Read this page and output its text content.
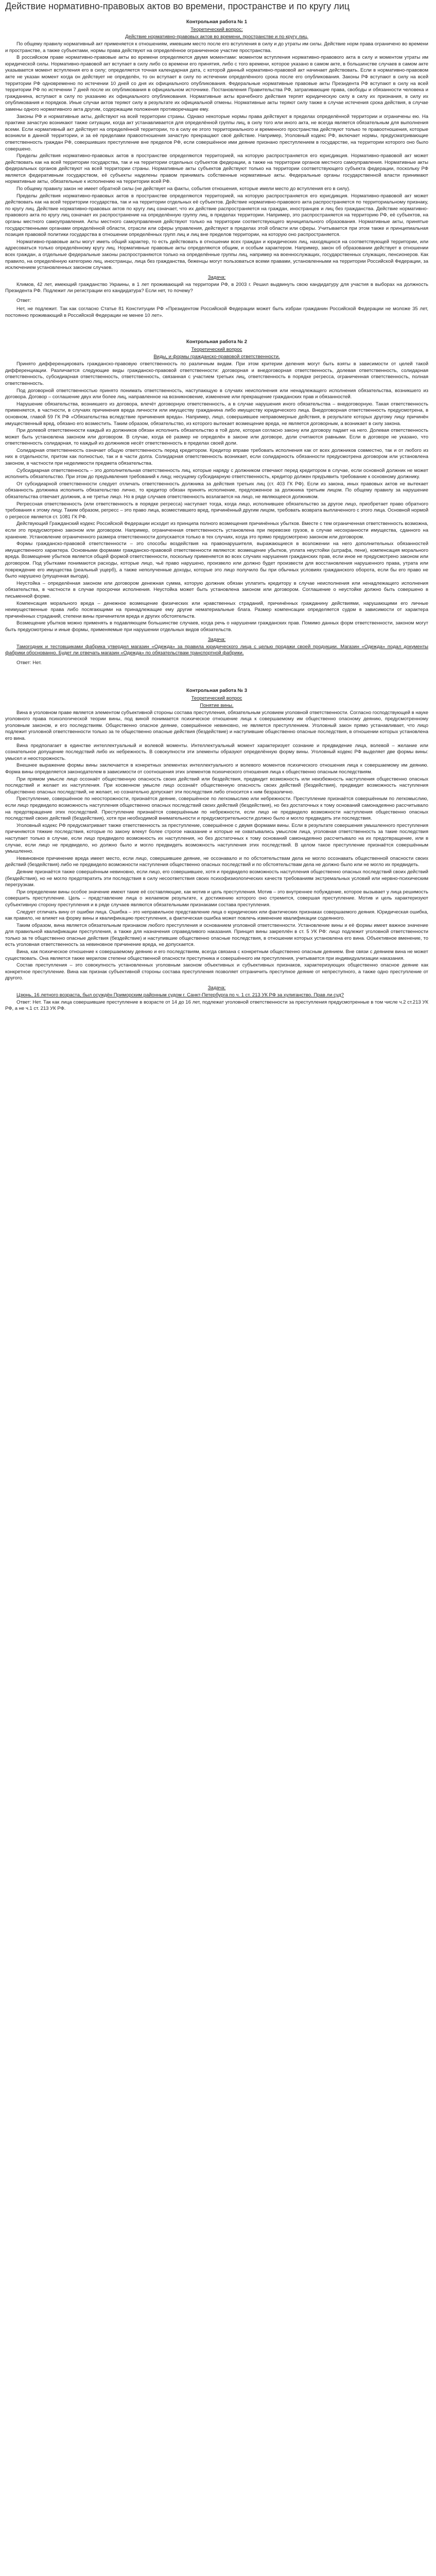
Действие нормативно-правовых актов во времени, пространстве и по кругу лиц
Контрольная работа № 1
Теоретический вопрос:
Действие нормативно-правовых актов во времени, пространстве и по кругу лиц.

По общему правилу нормативный акт применяется к отношениям, имевшим место после его вступления в силу и до утраты им силы. Действие норм права ограничено во времени и пространстве, а также субъектами, нормы права действуют на определённое ограниченное участие пространства.

В российском праве нормативно-правовые акты во времени определяются двумя моментами: моментом вступления нормативно-правового акта в силу и моментом утраты им юридической силы. Нормативно-правовой акт вступает в силу либо со времени его принятия, либо с того времени, которое указано в самом акте, в большинстве случаев в самом акте указывается момент вступления его в силу; определяется точная календарная дата, с которой данный нормативно-правовой акт начинает действовать. Если в нормативно-правовом акте не указан момент когда он действует не определён, то он вступает в силу по истечении определённого срока после его опубликования. Законы РФ вступают в силу на всей территории РФ одновременно по истечении 10 дней со дня их официального опубликования. Федеральные нормативные правовые акты Президента РФ вступают в силу на всей территории РФ по истечении 7 дней после их опубликования в официальном источнике. Постановления Правительства РФ, затрагивающие права, свободы и обязанности человека и гражданина, вступают в силу по указанию их официального опубликования. Нормативные акты врачебного действия терпят юридическую силу в силу их признания, в силу их опубликования и порядков. Иные случаи актов теряют силу в результате их официальной отмены. Нормативные акты теряют силу также в случае истечения срока действия, в случае замены одного нормативного акта другим, содержащим положения противоречащие ему.

Законы РФ и нормативные акты, действуют на всей территории страны. Однако некоторые нормы права действуют в пределах определённой территории и ограничены ею. На практике зачастую возникают также ситуации, когда акт устанавливается для определённой группы лиц, в силу того или иного акта, не всегда является обязательным для выполнения всеми. Если нормативный акт действует на определённой территории, то в силу ее этого территориального и временного пространства действуют только те правоотношения, которые возникли в данной территории, и за её пределами правоотношения зачастую прекращают своё действие. Например, Уголовный кодекс РФ, включает нормы, предусматривающие ответственность граждан РФ, совершивших преступление вне пределов РФ, если совершённое ими деяние признано преступлением в государстве, на территории которого оно было совершено.

Пределы действия нормативно-правовых актов в пространстве определяются территорией, на которую распространяется его юрисдикция. Нормативно-правовой акт может действовать как на всей территории государства, так и на территории отдельных субъектов федерации, а также на территории органов местного самоуправления. Нормативные акты федеральных органов действуют на всей территории страны. Нормативные акты субъектов действуют только на территории соответствующего субъекта федерации, поскольку РФ является федеративным государством, её субъекты наделены правом принимать собственные нормативные акты. Федеральные органы государственной власти принимают нормативные акты, обязательные к исполнению на территории всей РФ.

По общему правилу закон не имеет обратной силы (не действует на факты, события отношения, которые имели место до вступления его в силу).

Пределы действия нормативно-правовых актов в пространстве определяются территорией, на которую распространяется его юрисдикция. Нормативно-правовой акт может действовать как на всей территории государства, так и на территории отдельных её субъектов. Действие нормативно-правового акта распространяется по территориальному признаку, по кругу лиц. Действие нормативно-правовых актов по кругу лиц означает, что их действие распространяется на граждан, иностранцев и лиц без гражданства. Действие нормативно-правового акта по кругу лиц означает их распространение на определённую группу лиц, в пределах территории. Например, это распространяется на территорию РФ, её субъектов, на органы местного самоуправления. Акты местного самоуправления действуют только на территории соответствующего муниципального образования. Нормативные акты, принятые государственными органами определённой области, отрасли или сферы управления, действуют в пределах этой области или сферы. Учитывается при этом также и принципиальная позиция правовой политики государства в отношении определённых групп лиц и лиц вне пределов территории, на которую оно распространяется.

Нормативно-правовые акты могут иметь общий характер, то есть действовать в отношении всех граждан и юридических лиц, находящихся на соответствующей территории, или адресоваться только определённому кругу лиц. Нормативные правовые акты определяются общим, и особым характером. Например, закон об образовании действует в отношении всех граждан, а отдельные федеральные законы распространяются только на определённые группы лиц, например на военнослужащих, государственных служащих, пенсионеров. Как правило, на определённую категорию лиц, иностранцы, лица без гражданства, беженцы могут пользоваться всеми правами, установленными на территории Российской Федерации, за исключением установленных законом случаев.

Задача:

Климов, 42 лет, имеющий гражданство Украины, в 1 лет проживающий на территории РФ, в 2003 г. Решил выдвинуть свою кандидатуру для участия в выборах на должность Президента РФ. Подлежит ли регистрации его кандидатура? Если нет, то почему?

Ответ:

Нет, не подлежит. Так как согласно Статье 81 Конституции РФ «Президентом Российской Федерации может быть избран гражданин Российской Федерации не моложе 35 лет, постоянно проживающий в Российской Федерации не менее 10 лет».

Контрольная работа № 2
Теоретический вопрос
Виды, и формы гражданско-правовой ответственности.

Принято дифференцировать гражданско-правовую ответственность по различным видам. При этом критерии деления могут быть взяты в зависимости от целей такой дифференциации. Различается следующие виды гражданско-правовой ответственности: договорная и внедоговорная ответственность, долевая ответственность, солидарная ответственность, субсидиарная ответственность, ответственность, связанная с участием третьих лиц, ответственность в порядке регресса, ограниченная ответственность, полная ответственность.

Под договорной ответственностью принято понимать ответственность, наступающую в случаях неисполнения или ненадлежащего исполнения обязательства, возникшего из договора. Договор – соглашение двух или более лиц, направленное на возникновение, изменение или прекращение гражданских прав и обязанностей.

Нарушение обязательства, возникшего из договора, влечёт договорную ответственность, а в случае нарушения иного обязательства – внедоговорную. Такая ответственность применяется, в частности, в случаях причинения вреда личности или имуществу гражданина либо имуществу юридического лица. Внедоговорная ответственность предусмотрена, в основном, главой 59 ГК РФ «Обязательства вследствие причинения вреда». Например, лицо, совершившее неправомерные действия, в результате которых другому лицу причинён имущественный вред, обязано его возместить. Таким образом, обязательство, из которого вытекает возмещение вреда, не является договорным, а возникает в силу закона.

При долевой ответственности каждый из должников обязан исполнить обязательство в той доле, которая согласно закону или договору падает на него. Долевая ответственность может быть установлена законом или договором. В случае, когда её размер не определён в законе или договоре, доли считаются равными. Если в договоре не указано, что ответственность солидарная, то каждый из должников несёт ответственность в пределах своей доли.

Солидарная ответственность означает общую ответственность перед кредитором. Кредитор вправе требовать исполнения как от всех должников совместно, так и от любого из них в отдельности, притом как полностью, так и в части долга. Солидарная ответственность возникает, если солидарность обязанности предусмотрена договором или установлена законом, в частности при неделимости предмета обязательства.

Субсидиарная ответственность – это дополнительная ответственность лиц, которые наряду с должником отвечают перед кредитором в случае, если основной должник не может исполнить обязательство. При этом до предъявления требований к лицу, несущему субсидиарную ответственность, кредитор должен предъявить требование к основному должнику.

От субсидиарной ответственности следует отличать ответственность должника за действия третьих лиц (ст. 403 ГК РФ). Если из закона, иных правовых актов не вытекает обязанность должника исполнить обязательство лично, то кредитор обязан принять исполнение, предложенное за должника третьим лицом. По общему правилу за нарушение обязательства отвечает должник, а не третье лицо. Но в ряде случаев ответственность возлагается на лицо, не являющееся должником.

Регрессная ответственность (или ответственность в порядке регресса) наступает тогда, когда лицо, исполнившее обязательство за другое лицо, приобретает право обратного требования к этому лицу. Таким образом, регресс – это право лица, возместившего вред, причинённый другим лицом, требовать возврата выплаченного с этого лица. Основной нормой о регрессе является ст. 1081 ГК РФ.

Действующий Гражданский кодекс Российской Федерации исходит из принципа полного возмещения причинённых убытков. Вместе с тем ограниченная ответственность возможна, если это предусмотрено законом или договором. Например, ограниченная ответственность установлена при перевозке грузов, в случае несохранности имущества, сданного на хранение. Установление ограниченного размера ответственности допускается только в тех случаях, когда это прямо предусмотрено законом или договором.

Формы гражданско-правовой ответственности – это способы воздействия на правонарушителя, выражающиеся в возложении на него дополнительных обязанностей имущественного характера. Основными формами гражданско-правовой ответственности являются: возмещение убытков, уплата неустойки (штрафа, пени), компенсация морального вреда. Возмещение убытков является общей формой ответственности, поскольку применяется во всех случаях нарушения гражданских прав, если иное не предусмотрено законом или договором. Под убытками понимаются расходы, которые лицо, чьё право нарушено, произвело или должно будет произвести для восстановления нарушенного права, утрата или повреждение его имущества (реальный ущерб), а также неполученные доходы, которые это лицо получило бы при обычных условиях гражданского оборота, если бы его право не было нарушено (упущенная выгода).

Неустойка – определённая законом или договором денежная сумма, которую должник обязан уплатить кредитору в случае неисполнения или ненадлежащего исполнения обязательства, в частности в случае просрочки исполнения. Неустойка может быть установлена законом или договором. Соглашение о неустойке должно быть совершено в письменной форме.

Компенсация морального вреда – денежное возмещение физических или нравственных страданий, причинённых гражданину действиями, нарушающими его личные неимущественные права либо посягающими на принадлежащие ему другие нематериальные блага. Размер компенсации определяется судом в зависимости от характера причинённых страданий, степени вины причинителя вреда и других обстоятельств.

Возмещение убытков можно применять в подавляющем большинстве случаев, когда речь о нарушении гражданских прав. Помимо данных форм ответственности, законом могут быть предусмотрены и иные формы, применяемые при нарушении отдельных видов обязательств.

Задача:

Тамогодник и тестовщиками фабрика утвердил магазин «Одежда» за правила юридического лица с целью продажи своей продукции. Магазин «Одежда» подал документы фабрики обоснованно. Будет ли отвечать магазин «Одежда» по обязательствам транспортной фабрики.

Ответ: Нет.

Контрольная работа № 3
Теоретический вопрос
Понятие вины.

Вина в уголовном праве является элементом субъективной стороны состава преступления, обязательным условием уголовной ответственности. Согласно господствующей в науке уголовного права психологической теории вины, под виной понимается психическое отношение лица к совершаемому им общественно опасному деянию, предусмотренному уголовным законом, и его последствиям. Общественно опасное деяние, совершённое невиновно, не является преступлением. Уголовный закон прямо устанавливает, что лицо подлежит уголовной ответственности только за те общественно опасные действия (бездействие) и наступившие общественно опасные последствия, в отношении которых установлена его вина.

Вина предполагает в единстве интеллектуальный и волевой моменты. Интеллектуальный момент характеризует сознание и предвидение лица, волевой – желание или сознательное допущение последствий либо их небрежность. В совокупности эти элементы образуют определённую форму вины. Уголовный кодекс РФ выделяет две формы вины: умысел и неосторожность.

Внешнее выражение формы вины заключается в конкретных элементах интеллектуального и волевого моментов психического отношения лица к совершаемому им деянию. Форма вины определяется законодателем в зависимости от соотношения этих элементов психического отношения лица к общественно опасным последствиям.

При прямом умысле лицо осознаёт общественную опасность своих действий или бездействия, предвидит возможность или неизбежность наступления общественно опасных последствий и желает их наступления. При косвенном умысле лицо осознаёт общественную опасность своих действий (бездействия), предвидит возможность наступления общественно опасных последствий, не желает, но сознательно допускает эти последствия либо относится к ним безразлично.

Преступление, совершённое по неосторожности, признаётся деяние, совершённое по легкомыслию или небрежности. Преступление признаётся совершённым по легкомыслию, если лицо предвидело возможность наступления общественно опасных последствий своих действий (бездействия), но без достаточных к тому оснований самонадеянно рассчитывало на предотвращение этих последствий. Преступление признаётся совершённым по небрежности, если лицо не предвидело возможности наступления общественно опасных последствий своих действий (бездействия), хотя при необходимой внимательности и предусмотрительности должно было и могло предвидеть эти последствия.

Уголовный кодекс РФ предусматривает также ответственность за преступление, совершённое с двумя формами вины. Если в результате совершения умышленного преступления причиняются тяжкие последствия, которые по закону влекут более строгое наказание и которые не охватывались умыслом лица, уголовная ответственность за такие последствия наступает только в случае, если лицо предвидело возможность их наступления, но без достаточных к тому оснований самонадеянно рассчитывало на их предотвращение, или в случае, если лицо не предвидело, но должно было и могло предвидеть возможность наступления этих последствий. В целом такое преступление признаётся совершённым умышленно.

Невиновное причинение вреда имеет место, если лицо, совершившее деяние, не осознавало и по обстоятельствам дела не могло осознавать общественной опасности своих действий (бездействия) либо не предвидело возможности наступления общественно опасных последствий и по обстоятельствам дела не должно было или не могло их предвидеть.

Деяние признаётся также совершённым невиновно, если лицо, его совершившее, хотя и предвидело возможность наступления общественно опасных последствий своих действий (бездействия), но не могло предотвратить эти последствия в силу несоответствия своих психофизиологических качеств требованиям экстремальных условий или нервно-психическим перегрузкам.

При определении вины особое значение имеют такие её составляющие, как мотив и цель преступления. Мотив – это внутреннее побуждение, которое вызывает у лица решимость совершить преступление. Цель – представление лица о желаемом результате, к достижению которого оно стремится, совершая преступление. Мотив и цель характеризуют субъективную сторону преступления и в ряде случаев являются обязательными признаками состава преступления.

Следует отличать вину от ошибки лица. Ошибка – это неправильное представление лица о юридических или фактических признаках совершаемого деяния. Юридическая ошибка, как правило, не влияет на форму вины и квалификацию преступления, а фактическая ошибка может повлечь изменение квалификации содеянного.

Таким образом, вина является обязательным признаком любого преступления и основанием уголовной ответственности. Установление вины и её формы имеет важное значение для правильной квалификации преступления, а также для назначения справедливого наказания. Принцип вины закреплён в ст. 5 УК РФ: лицо подлежит уголовной ответственности только за те общественно опасные действия (бездействие) и наступившие общественно опасные последствия, в отношении которых установлена его вина. Объективное вменение, то есть уголовная ответственность за невиновное причинение вреда, не допускается.

Вина, как психическое отношение к совершаемому деянию и его последствиям, всегда связана с конкретным общественно опасным деянием. Вне связи с деянием вина не может существовать. Она является также мерилом степени общественной опасности преступника и совершённого им преступления, учитывается при индивидуализации наказания.

Состав преступления – это совокупность установленных уголовным законом объективных и субъективных признаков, характеризующих общественно опасное деяние как конкретное преступление. Вина как признак субъективной стороны состава преступления позволяет отграничить преступное деяние от непреступного, а также одно преступление от другого.

Задача:

Цзюнь, 16 летного возраста, был осуждён Приморским районным судом г. Санкт-Петербурга по ч. 1 ст. 213 УК РФ за хулиганство. Прав ли суд?

Ответ: Нет. Так как лица совершившие преступление в возрасте от 14 до 16 лет, подлежат уголовной ответственности за преступления предусмотренные в том числе ч.2 ст.213 УК РФ, а не ч.1 ст. 213 УК РФ.
